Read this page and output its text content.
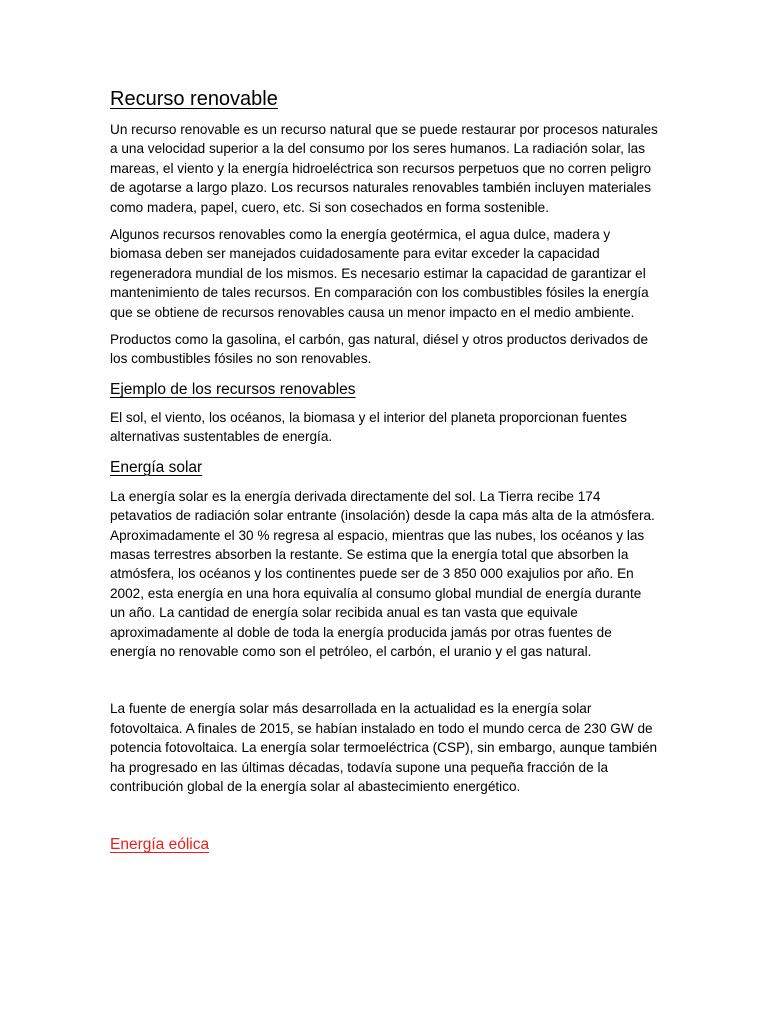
Recurso renovable

Un recurso renovable es un recurso natural que se puede restaurar por procesos naturales a una velocidad superior a la del consumo por los seres humanos. La radiación solar, las mareas, el viento y la energía hidroeléctrica son recursos perpetuos que no corren peligro de agotarse a largo plazo. Los recursos naturales renovables también incluyen materiales como madera, papel, cuero, etc. Si son cosechados en forma sostenible.

Algunos recursos renovables como la energía geotérmica, el agua dulce, madera y biomasa deben ser manejados cuidadosamente para evitar exceder la capacidad regeneradora mundial de los mismos. Es necesario estimar la capacidad de garantizar el mantenimiento de tales recursos. En comparación con los combustibles fósiles la energía que se obtiene de recursos renovables causa un menor impacto en el medio ambiente.

Productos como la gasolina, el carbón, gas natural, diésel y otros productos derivados de los combustibles fósiles no son renovables.

Ejemplo de los recursos renovables

El sol, el viento, los océanos, la biomasa y el interior del planeta proporcionan fuentes alternativas sustentables de energía.

Energía solar

La energía solar es la energía derivada directamente del sol. La Tierra recibe 174 petavatios de radiación solar entrante (insolación) desde la capa más alta de la atmósfera. Aproximadamente el 30 % regresa al espacio, mientras que las nubes, los océanos y las masas terrestres absorben la restante. Se estima que la energía total que absorben la atmósfera, los océanos y los continentes puede ser de 3 850 000 exajulios por año. En 2002, esta energía en una hora equivalía al consumo global mundial de energía durante un año. La cantidad de energía solar recibida anual es tan vasta que equivale aproximadamente al doble de toda la energía producida jamás por otras fuentes de energía no renovable como son el petróleo, el carbón, el uranio y el gas natural.

La fuente de energía solar más desarrollada en la actualidad es la energía solar fotovoltaica. A finales de 2015, se habían instalado en todo el mundo cerca de 230 GW de potencia fotovoltaica. La energía solar termoeléctrica (CSP), sin embargo, aunque también ha progresado en las últimas décadas, todavía supone una pequeña fracción de la contribución global de la energía solar al abastecimiento energético.

Energía eólica
